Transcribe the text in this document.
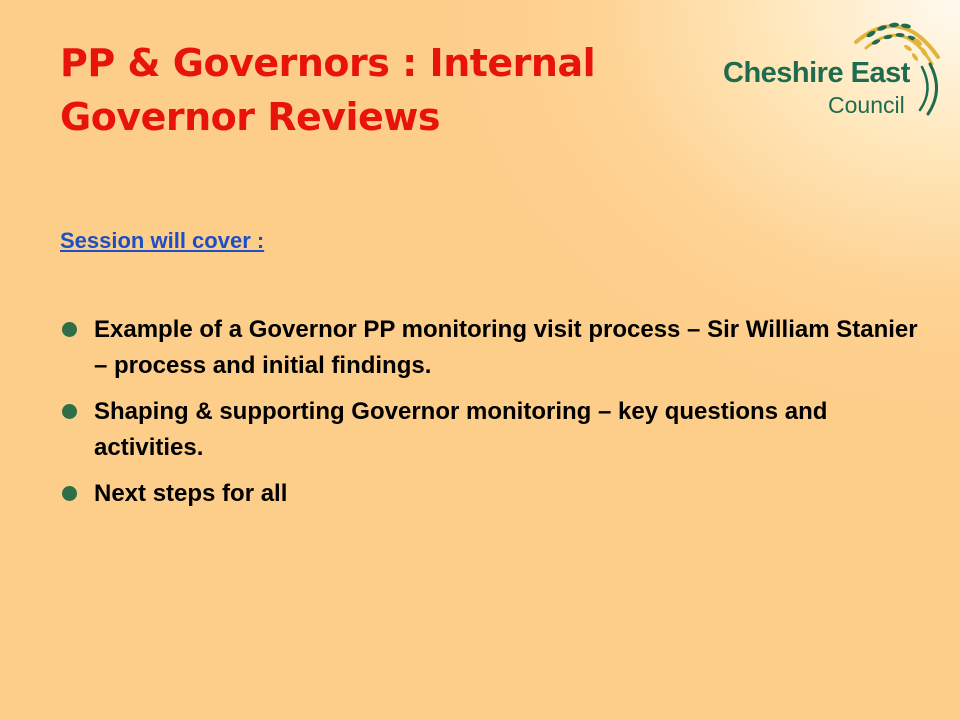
PP & Governors : Internal
Governor Reviews
Cheshire East
Council
Session will cover :
Example of a Governor PP monitoring visit process – Sir William Stanier – process and initial findings.
Shaping & supporting Governor monitoring – key questions and activities.
Next steps for all
